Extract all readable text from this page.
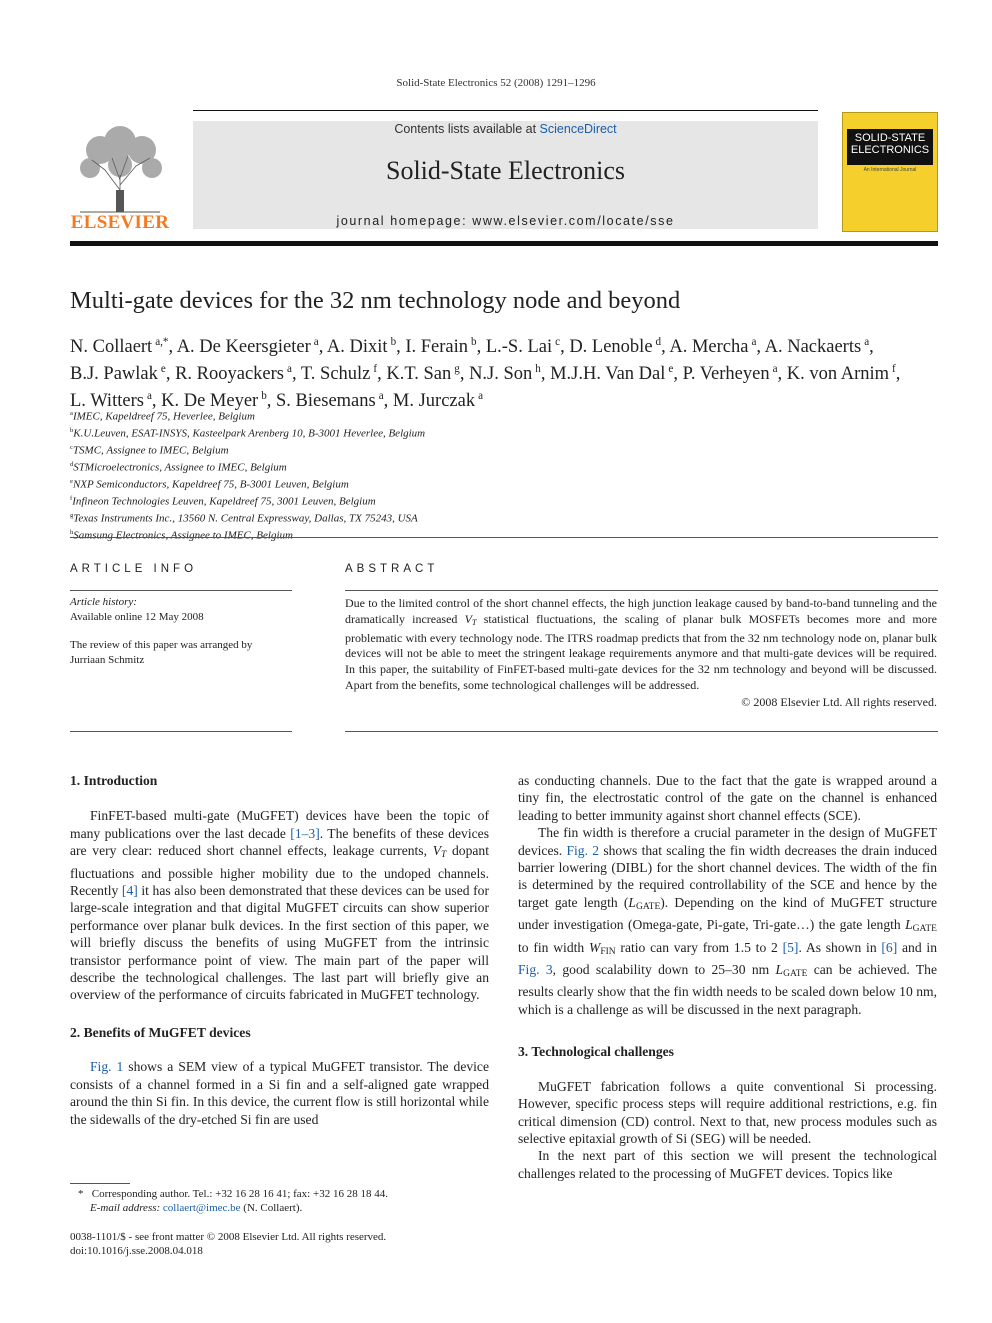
Solid-State Electronics 52 (2008) 1291–1296
ELSEVIER
Contents lists available at ScienceDirect
Solid-State Electronics
journal homepage: www.elsevier.com/locate/sse
SOLID-STATE
ELECTRONICS
An International Journal
Multi-gate devices for the 32 nm technology node and beyond
N. Collaert $^{a,*}$, A. De Keersgieter $^a$, A. Dixit $^b$, I. Ferain $^b$, L.-S. Lai $^c$, D. Lenoble $^d$, A. Mercha $^a$, A. Nackaerts $^a$,
B.J. Pawlak $^e$, R. Rooyackers $^a$, T. Schulz $^f$, K.T. San $^g$, N.J. Son $^h$, M.J.H. Van Dal $^e$, P. Verheyen $^a$, K. von Arnim $^f$,
L. Witters $^a$, K. De Meyer $^b$, S. Biesemans $^a$, M. Jurczak $^a$
$^a$IMEC, Kapeldreef 75, Heverlee, Belgium
$^b$K.U.Leuven, ESAT-INSYS, Kasteelpark Arenberg 10, B-3001 Heverlee, Belgium
$^c$TSMC, Assignee to IMEC, Belgium
$^d$STMicroelectronics, Assignee to IMEC, Belgium
$^e$NXP Semiconductors, Kapeldreef 75, B-3001 Leuven, Belgium
$^f$Infineon Technologies Leuven, Kapeldreef 75, 3001 Leuven, Belgium
$^g$Texas Instruments Inc., 13560 N. Central Expressway, Dallas, TX 75243, USA
$^h$
ARTICLE INFO
Article history:
Available online 12 May 2008
The review of this paper was arranged by
Jurriaan Schmitz
ABSTRACT
Due to the limited control of the short channel effects, the high junction leakage caused by band-to-band tunneling and the dramatically increased $V_T$ statistical fluctuations, the scaling of planar bulk MOSFETs becomes more and more problematic with every technology node. The ITRS roadmap predicts that from the 32 nm technology node on, planar bulk devices will not be able to meet the stringent leakage requirements anymore and that multi-gate devices will be required. In this paper, the suitability of FinFET-based multi-gate devices for the 32 nm technology and beyond will be discussed. Apart from the benefits, some technological challenges will be addressed.
© 2008 Elsevier Ltd. All rights reserved.
1. Introduction

FinFET-based multi-gate (MuGFET) devices have been the topic of many publications over the last decade [1–3]. The benefits of these devices are very clear: reduced short channel effects, leakage currents, $V_T$ dopant fluctuations and possible higher mobility due to the undoped channels. Recently [4] it has also been demonstrated that these devices can be used for large-scale integration and that digital MuGFET circuits can show superior performance over planar bulk devices. In the first section of this paper, we will briefly discuss the benefits of using MuGFET from the intrinsic transistor performance point of view. The main part of the paper will describe the technological challenges. The last part will briefly give an overview of the performance of circuits fabricated in MuGFET technology.

2. Benefits of MuGFET devices

Fig. 1 shows a SEM view of a typical MuGFET transistor. The device consists of a channel formed in a Si fin and a self-aligned gate wrapped around the thin Si fin. In this device, the current flow is still horizontal while the sidewalls of the dry-etched Si fin are used

as conducting channels. Due to the fact that the gate is wrapped around a tiny fin, the electrostatic control of the gate on the channel is enhanced leading to better immunity against short channel effects (SCE).

The fin width is therefore a crucial parameter in the design of MuGFET devices. Fig. 2 shows that scaling the fin width decreases the drain induced barrier lowering (DIBL) for the short channel devices. The width of the fin is determined by the required controllability of the SCE and hence by the target gate length $(L_{GATE})$. Depending on the kind of MuGFET structure under investigation (Omega-gate, Pi-gate, Tri-gate…) the gate length $L_{GATE}$ to fin width $W_{FIN}$ ratio can vary from 1.5 to 2 [5]. As shown in [6] and in Fig. 3, good scalability down to 25–30 nm $L_{GATE}$ can be achieved. The results clearly show that the fin width needs to be scaled down below 10 nm, which is a challenge as will be discussed in the next paragraph.

3. Technological challenges

MuGFET fabrication follows a quite conventional Si processing. However, specific process steps will require additional restrictions, e.g. fin critical dimension (CD) control. Next to that, new process modules such as selective epitaxial growth of Si (SEG) will be needed.

In the next part of this section we will present the technological challenges related to the processing of MuGFET devices. Topics like

* Corresponding author. Tel.: +32 16 28 16 41; fax: +32 16 28 18 44.
E-mail address: collaert@imec.be (N. Collaert).
0038-1101/$ - see front matter © 2008 Elsevier Ltd. All rights reserved.
doi:10.1016/j.sse.2008.04.018
